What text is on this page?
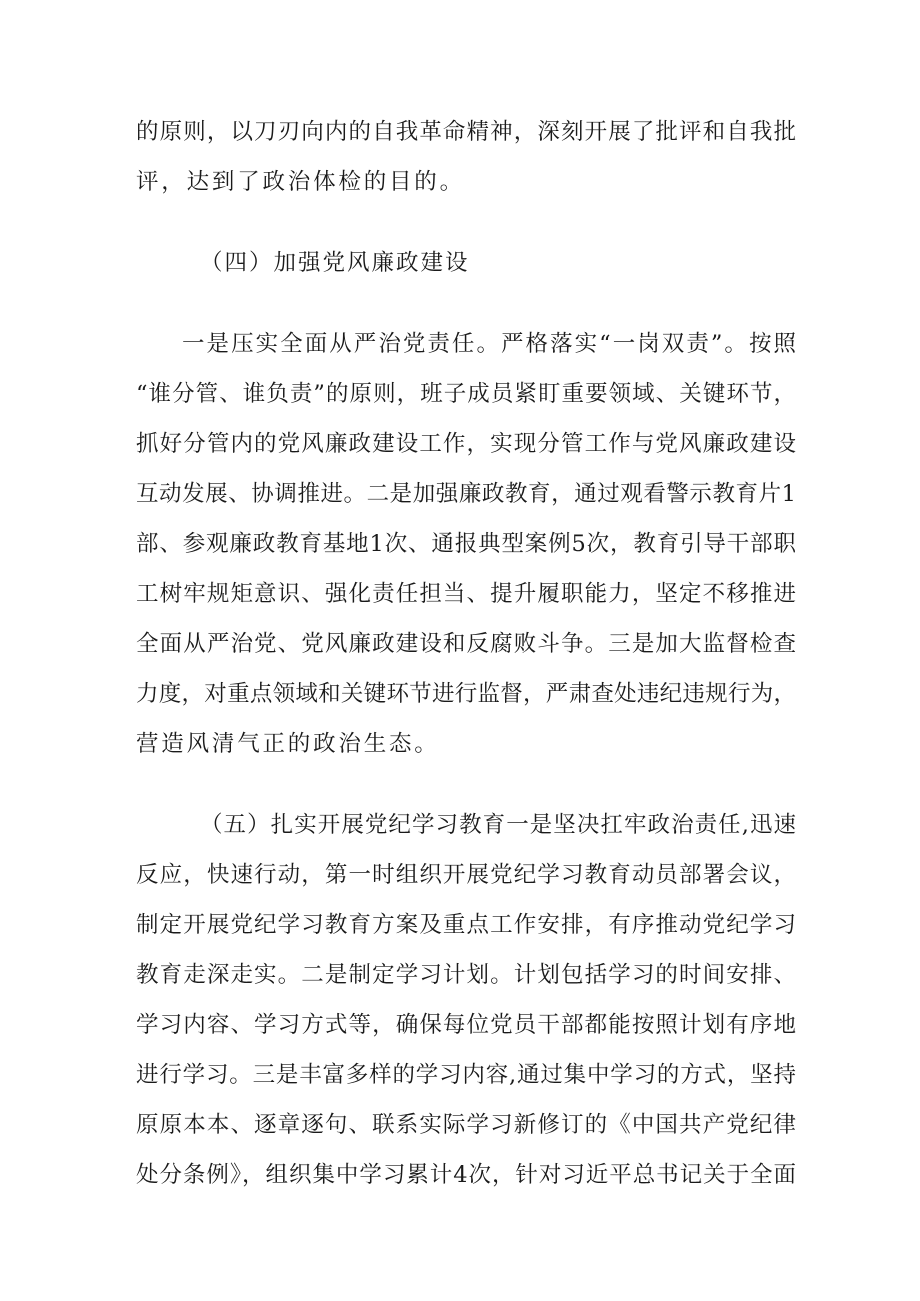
的原则，以刀刃向内的自我革命精神，深刻开展了批评和自我批
评，达到了政治体检的目的。
（四）加强党风廉政建设
一是压实全面从严治党责任。严格落实“一岗双责”。按照
“谁分管、谁负责”的原则，班子成员紧盯重要领域、关键环节，
抓好分管内的党风廉政建设工作，实现分管工作与党风廉政建设
互动发展、协调推进。二是加强廉政教育，通过观看警示教育片1
部、参观廉政教育基地1次、通报典型案例5次，教育引导干部职
工树牢规矩意识、强化责任担当、提升履职能力，坚定不移推进
全面从严治党、党风廉政建设和反腐败斗争。三是加大监督检查
力度，对重点领域和关键环节进行监督，严肃查处违纪违规行为，
营造风清气正的政治生态。
（五）扎实开展党纪学习教育一是坚决扛牢政治责任,迅速
反应，快速行动，第一时组织开展党纪学习教育动员部署会议，
制定开展党纪学习教育方案及重点工作安排，有序推动党纪学习
教育走深走实。二是制定学习计划。计划包括学习的时间安排、
学习内容、学习方式等，确保每位党员干部都能按照计划有序地
进行学习。三是丰富多样的学习内容,通过集中学习的方式，坚持
原原本本、逐章逐句、联系实际学习新修订的《中国共产党纪律
处分条例》，组织集中学习累计4次，针对习近平总书记关于全面
